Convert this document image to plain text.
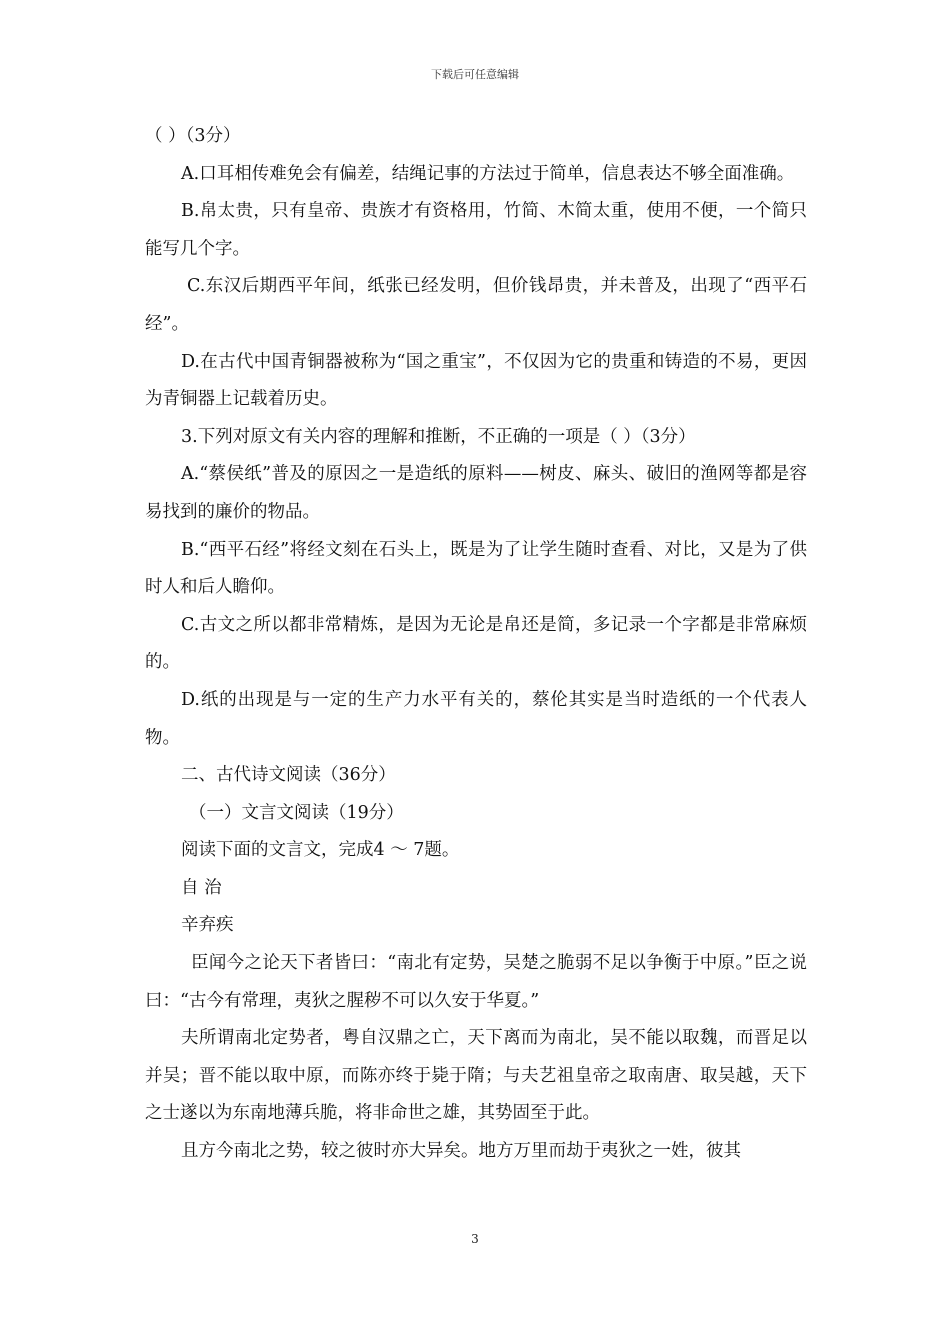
下载后可任意编辑

（ ）（3分）

A.口耳相传难免会有偏差，结绳记事的方法过于简单，信息表达不够全面准确。

B.帛太贵，只有皇帝、贵族才有资格用，竹简、木简太重，使用不便，一个简只能写几个字。

C.东汉后期西平年间，纸张已经发明，但价钱昂贵，并未普及，出现了“西平石经”。

D.在古代中国青铜器被称为“国之重宝”，不仅因为它的贵重和铸造的不易，更因为青铜器上记载着历史。

3.下列对原文有关内容的理解和推断，不正确的一项是（ ）（3分）

A.“蔡侯纸”普及的原因之一是造纸的原料——树皮、麻头、破旧的渔网等都是容易找到的廉价的物品。

B.“西平石经”将经文刻在石头上，既是为了让学生随时查看、对比，又是为了供时人和后人瞻仰。

C.古文之所以都非常精炼，是因为无论是帛还是简，多记录一个字都是非常麻烦的。

D.纸的出现是与一定的生产力水平有关的，蔡伦其实是当时造纸的一个代表人物。

二、古代诗文阅读（36分）

（一）文言文阅读（19分）

阅读下面的文言文，完成4 ～ 7题。

自 治

辛弃疾

臣闻今之论天下者皆曰：“南北有定势，吴楚之脆弱不足以争衡于中原。”臣之说曰：“古今有常理，夷狄之腥秽不可以久安于华夏。”

夫所谓南北定势者，粤自汉鼎之亡，天下离而为南北，吴不能以取魏，而晋足以并吴；晋不能以取中原，而陈亦终于毙于隋；与夫艺祖皇帝之取南唐、取吴越，天下之士遂以为东南地薄兵脆，将非命世之雄，其势固至于此。

且方今南北之势，较之彼时亦大异矣。地方万里而劫于夷狄之一姓，彼其

3
